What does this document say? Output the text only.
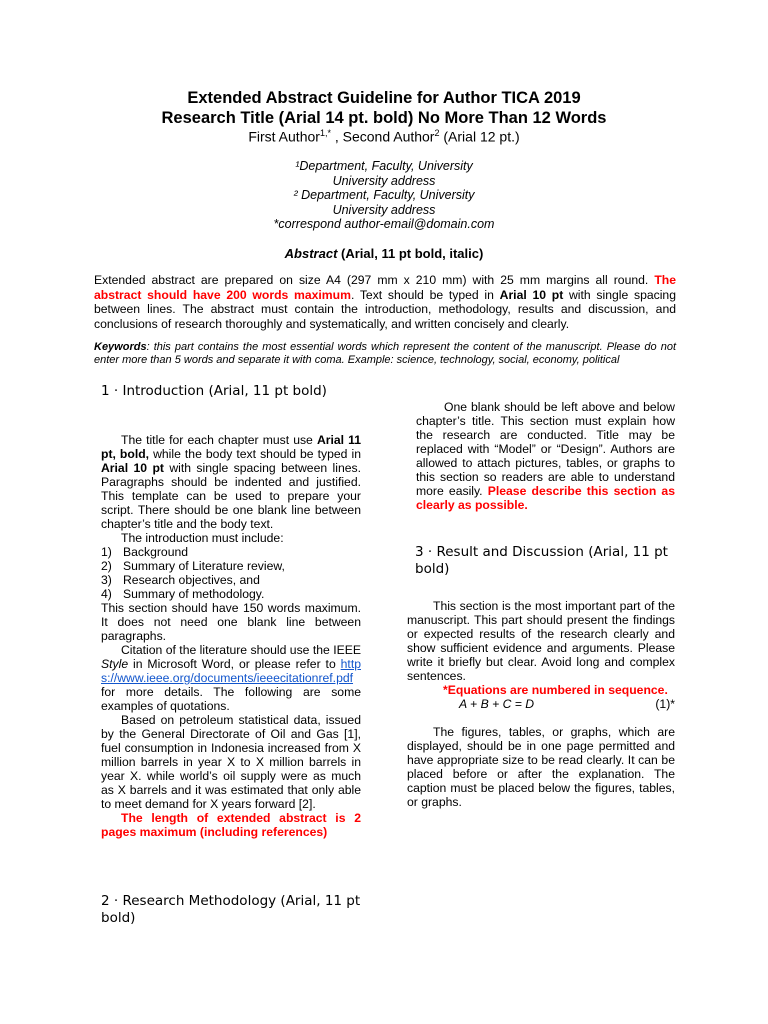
Extended Abstract Guideline for Author TICA 2019
Research Title (Arial 14 pt. bold) No More Than 12 Words
First Author$^{1,*}$ , Second Author$^2$ (Arial 12 pt.)
¹Department, Faculty, University
University address
² Department, Faculty, University
University address
*correspond author-email@domain.com
Abstract (Arial, 11 pt bold, italic)
Extended abstract are prepared on size A4 (297 mm x 210 mm) with 25 mm margins all round. The abstract should have 200 words maximum. Text should be typed in Arial 10 pt with single spacing between lines. The abstract must contain the introduction, methodology, results and discussion, and conclusions of research thoroughly and systematically, and written concisely and clearly.
Keywords: this part contains the most essential words which represent the content of the manuscript. Please do not enter more than 5 words and separate it with coma. Example: science, technology, social, economy, political
1 · Introduction (Arial, 11 pt bold)
The title for each chapter must use Arial 11 pt, bold, while the body text should be typed in Arial 10 pt with single spacing between lines. Paragraphs should be indented and justified. This template can be used to prepare your script. There should be one blank line between chapter’s title and the body text.
The introduction must include:
1) Background
2) Summary of Literature review,
3) Research objectives, and
4) Summary of methodology.
This section should have 150 words maximum. It does not need one blank line between paragraphs.
Citation of the literature should use the IEEE Style in Microsoft Word, or please refer to https://www.ieee.org/documents/ieeecitationref.pdf for more details. The following are some examples of quotations.
Based on petroleum statistical data, issued by the General Directorate of Oil and Gas [1], fuel consumption in Indonesia increased from X million barrels in year X to X million barrels in year X. while world’s oil supply were as much as X barrels and it was estimated that only able to meet demand for X years forward [2].
The length of extended abstract is 2 pages maximum (including references)
2 · Research Methodology (Arial, 11 pt bold)
One blank should be left above and below chapter’s title. This section must explain how the research are conducted. Title may be replaced with “Model” or “Design”. Authors are allowed to attach pictures, tables, or graphs to this section so readers are able to understand more easily. Please describe this section as clearly as possible.
3 · Result and Discussion (Arial, 11 pt bold)
This section is the most important part of the manuscript. This part should present the findings or expected results of the research clearly and show sufficient evidence and arguments. Please write it briefly but clear. Avoid long and complex sentences.
*Equations are numbered in sequence.
A + B + C = D	(1)*
The figures, tables, or graphs, which are displayed, should be in one page permitted and have appropriate size to be read clearly. It can be placed before or after the explanation. The caption must be placed below the figures, tables, or graphs.
